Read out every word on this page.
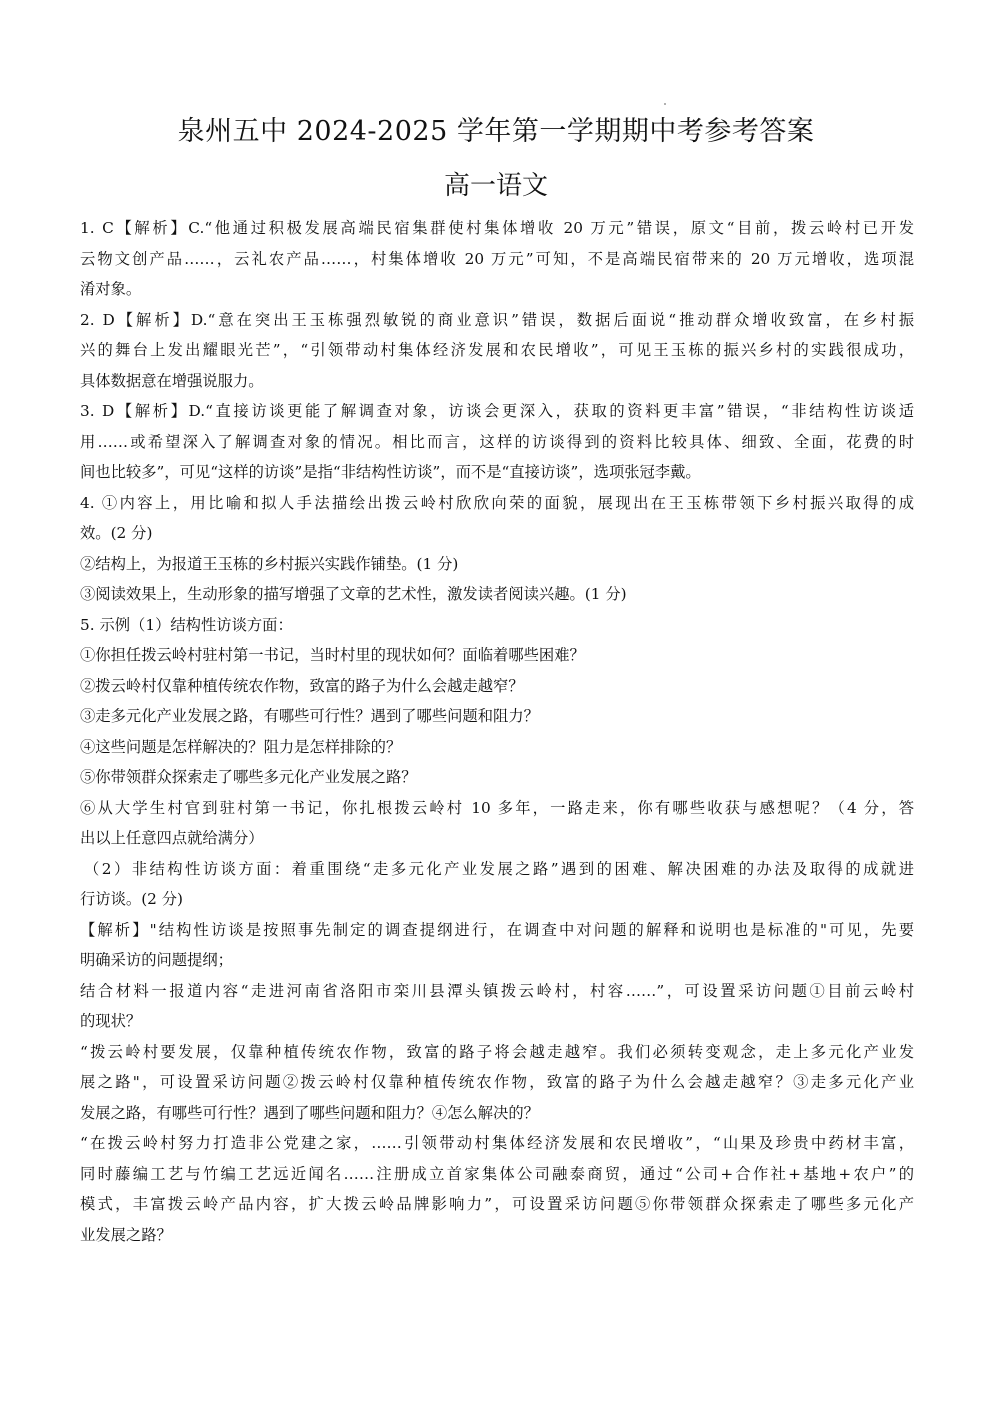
泉州五中 2024-2025 学年第一学期期中考参考答案
高一语文
1. C【解析】C.“他通过积极发展高端民宿集群使村集体增收 20 万元”错误，原文“目前，拨云岭村已开发
云物文创产品……，云礼农产品……，村集体增收 20 万元”可知，不是高端民宿带来的 20 万元增收，选项混
淆对象。
2. D【解析】D.“意在突出王玉栋强烈敏锐的商业意识”错误，数据后面说“推动群众增收致富，在乡村振
兴的舞台上发出耀眼光芒”，“引领带动村集体经济发展和农民增收”，可见王玉栋的振兴乡村的实践很成功，
具体数据意在增强说服力。
3. D【解析】D.“直接访谈更能了解调查对象，访谈会更深入，获取的资料更丰富”错误，“非结构性访谈适
用……或希望深入了解调查对象的情况。相比而言，这样的访谈得到的资料比较具体、细致、全面，花费的时
间也比较多”，可见“这样的访谈”是指“非结构性访谈”，而不是“直接访谈”，选项张冠李戴。
4. ①内容上，用比喻和拟人手法描绘出拨云岭村欣欣向荣的面貌，展现出在王玉栋带领下乡村振兴取得的成
效。(2 分)
②结构上，为报道王玉栋的乡村振兴实践作铺垫。(1 分)
③阅读效果上，生动形象的描写增强了文章的艺术性，激发读者阅读兴趣。(1 分)
5. 示例（1）结构性访谈方面：
①你担任拨云岭村驻村第一书记，当时村里的现状如何？面临着哪些困难？
②拨云岭村仅靠种植传统农作物，致富的路子为什么会越走越窄？
③走多元化产业发展之路，有哪些可行性？遇到了哪些问题和阻力？
④这些问题是怎样解决的？阻力是怎样排除的？
⑤你带领群众探索走了哪些多元化产业发展之路？
⑥从大学生村官到驻村第一书记，你扎根拨云岭村 10 多年，一路走来，你有哪些收获与感想呢？（4 分，答
出以上任意四点就给满分）
（2）非结构性访谈方面：着重围绕“走多元化产业发展之路”遇到的困难、解决困难的办法及取得的成就进
行访谈。(2 分)
【解析】"结构性访谈是按照事先制定的调查提纲进行，在调查中对问题的解释和说明也是标准的"可见，先要
明确采访的问题提纲；
结合材料一报道内容“走进河南省洛阳市栾川县潭头镇拨云岭村，村容……”，可设置采访问题①目前云岭村
的现状？
“拨云岭村要发展，仅靠种植传统农作物，致富的路子将会越走越窄。我们必须转变观念，走上多元化产业发
展之路"，可设置采访问题②拨云岭村仅靠种植传统农作物，致富的路子为什么会越走越窄？③走多元化产业
发展之路，有哪些可行性？遇到了哪些问题和阻力？④怎么解决的？
“在拨云岭村努力打造非公党建之家，……引领带动村集体经济发展和农民增收”，“山果及珍贵中药材丰富，
同时藤编工艺与竹编工艺远近闻名……注册成立首家集体公司融泰商贸，通过“公司+合作社+基地+农户”的
模式，丰富拨云岭产品内容，扩大拨云岭品牌影响力”，可设置采访问题⑤你带领群众探索走了哪些多元化产
业发展之路？
